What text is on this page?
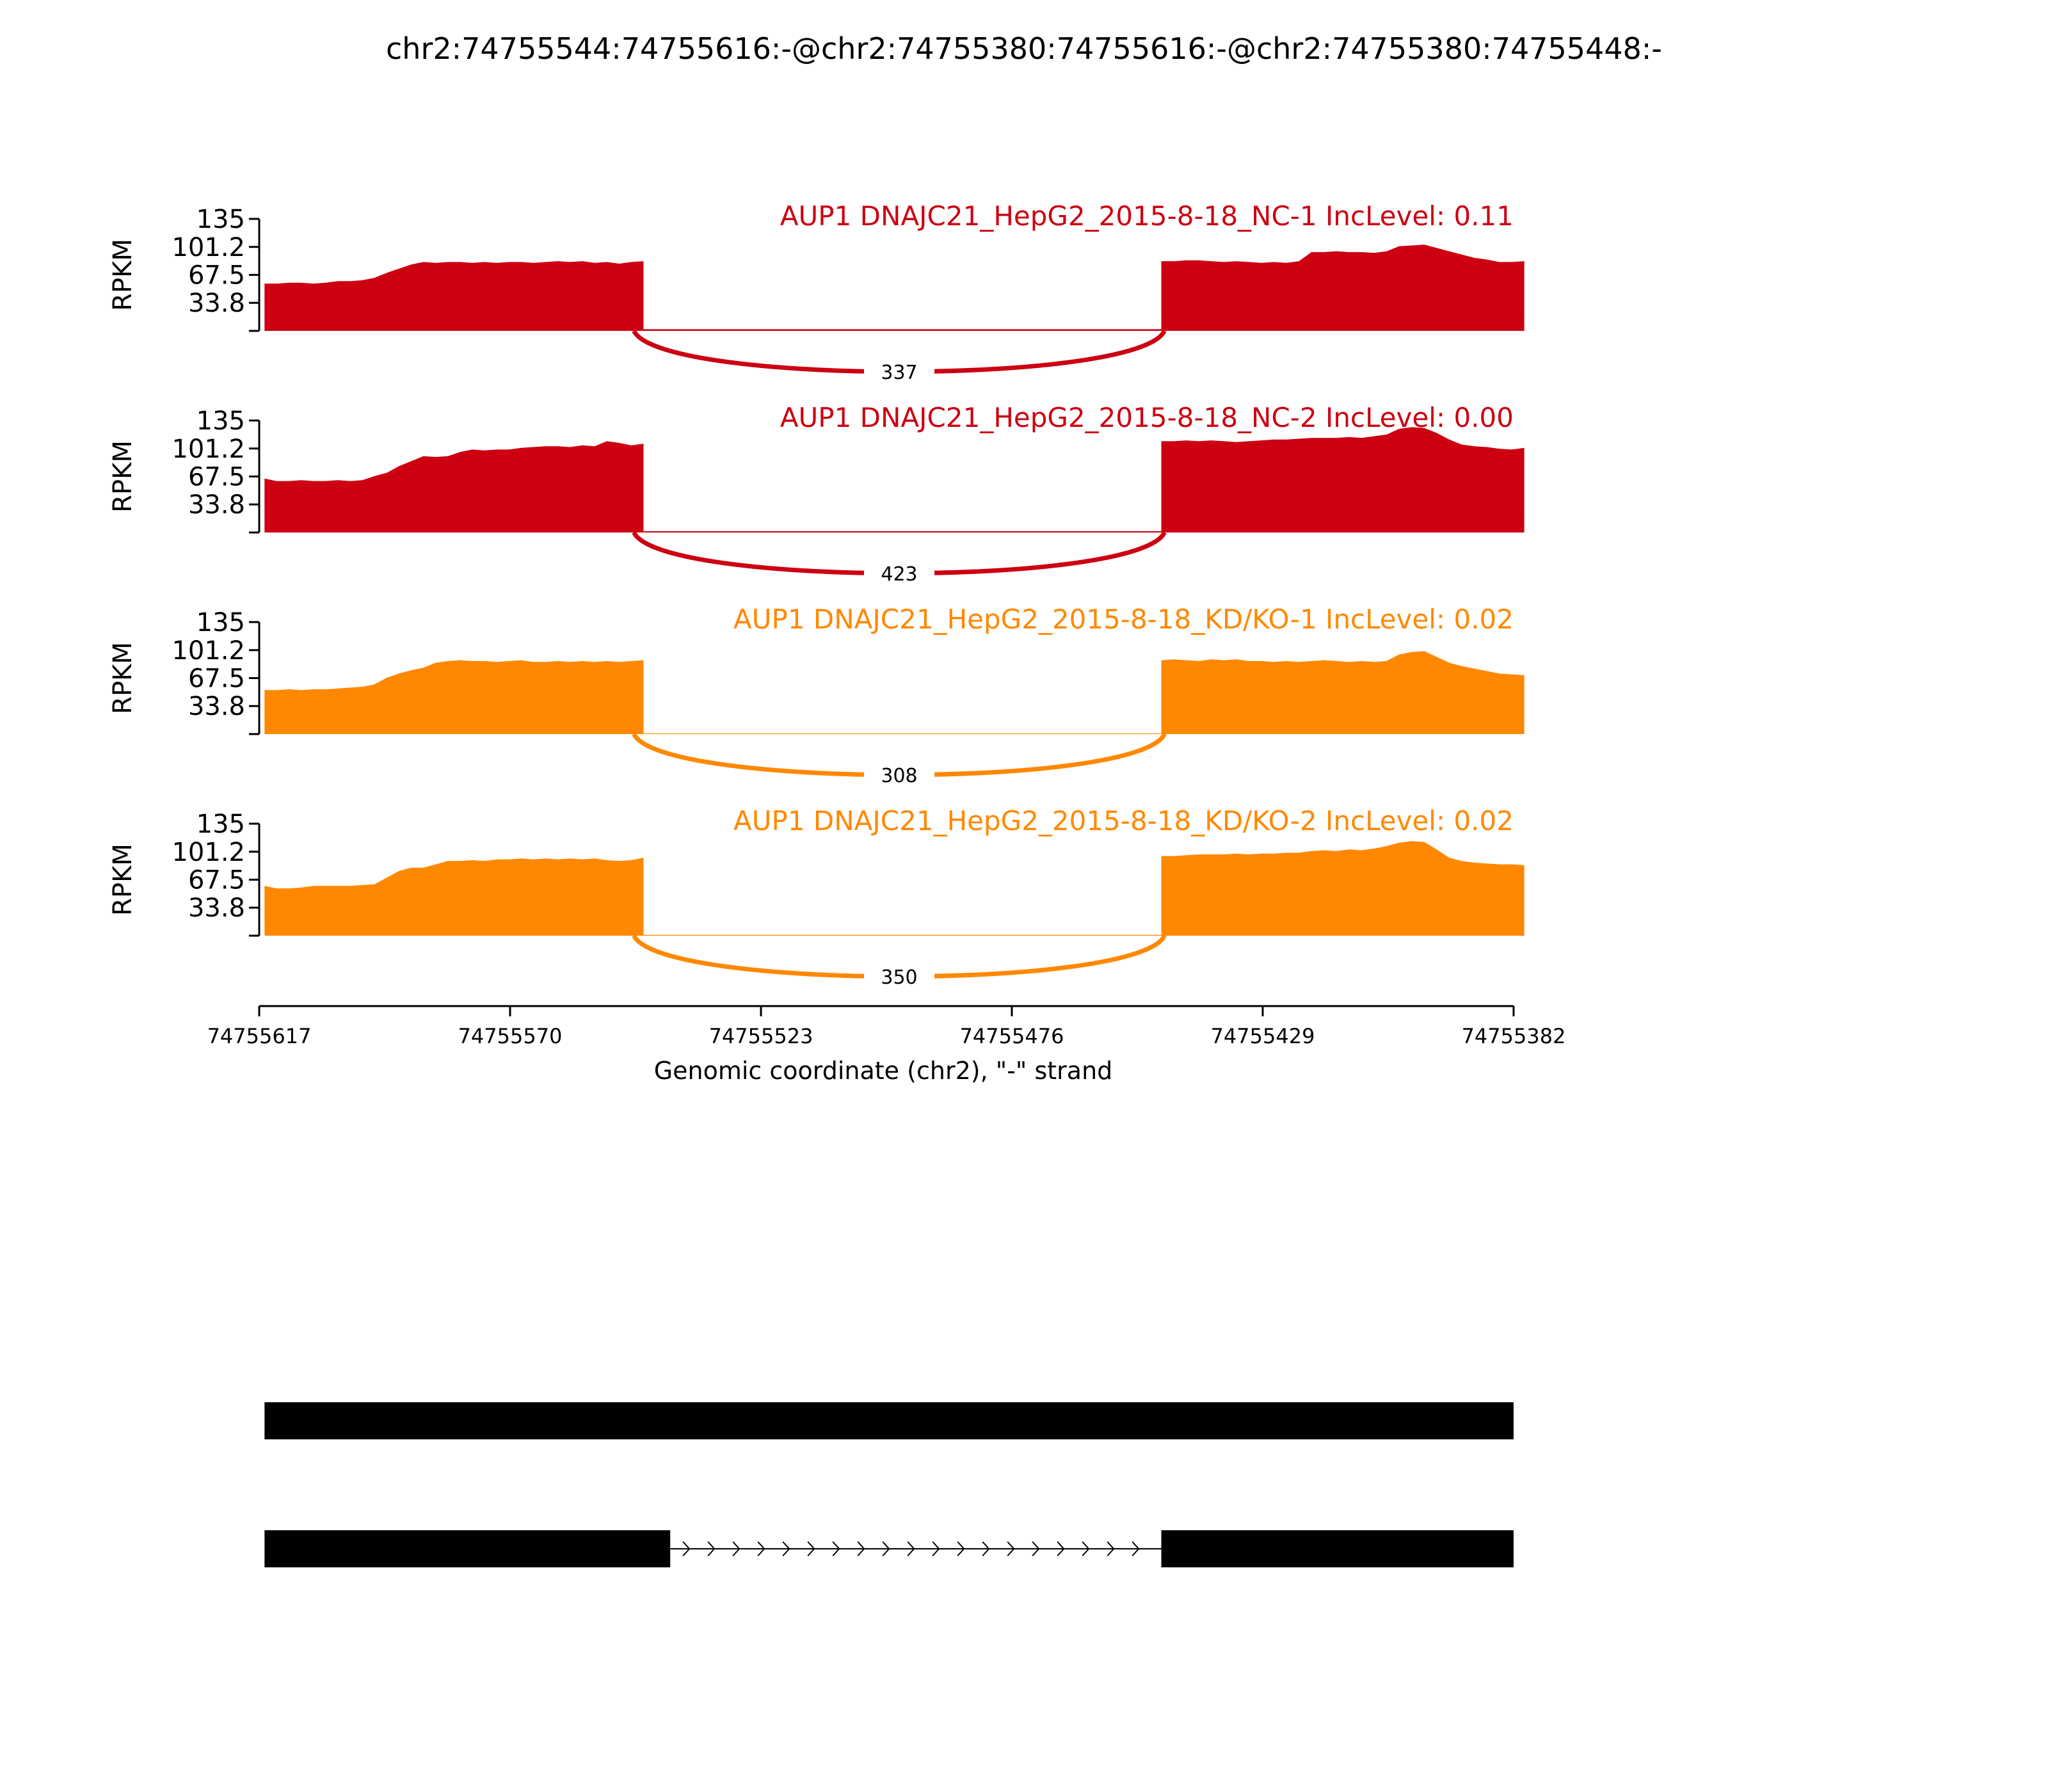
chr2:74755544:74755616:-@chr2:74755380:74755616:-@chr2:74755380:74755448:-
135
101.2
67.5
33.8
RPKM
337
AUP1 DNAJC21_HepG2_2015-8-18_NC-1 IncLevel: 0.11
135
101.2
67.5
33.8
RPKM
423
AUP1 DNAJC21_HepG2_2015-8-18_NC-2 IncLevel: 0.00
135
101.2
67.5
33.8
RPKM
308
AUP1 DNAJC21_HepG2_2015-8-18_KD/KO-1 IncLevel: 0.02
135
101.2
67.5
33.8
RPKM
350
AUP1 DNAJC21_HepG2_2015-8-18_KD/KO-2 IncLevel: 0.02
74755617	74755570	74755523	74755476	74755429	74755382
Genomic coordinate (chr2), "-" strand
